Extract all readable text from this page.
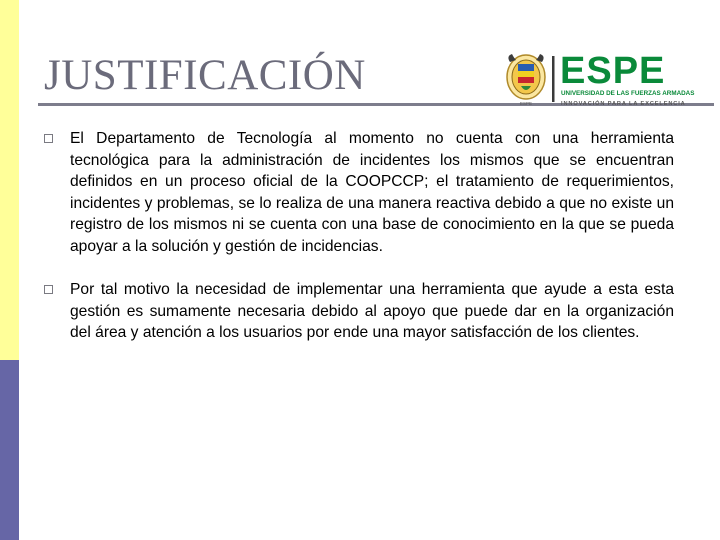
JUSTIFICACIÓN
ESPE
ESPE
UNIVERSIDAD DE LAS FUERZAS ARMADAS
INNOVACIÓN PARA LA EXCELENCIA

El Departamento de Tecnología al momento no cuenta con una herramienta tecnológica para la administración de incidentes los mismos que se encuentran definidos en un proceso oficial de la COOPCCP; el tratamiento de requerimientos, incidentes y problemas, se lo realiza de una manera reactiva debido a que no existe un registro de los mismos ni se cuenta con una base de conocimiento en la que se pueda apoyar a la solución y gestión de incidencias.

Por tal motivo la necesidad de implementar una herramienta que ayude a esta esta gestión es sumamente necesaria debido al apoyo que puede dar en la organización del área y atención a los usuarios por ende una mayor satisfacción de los clientes.
